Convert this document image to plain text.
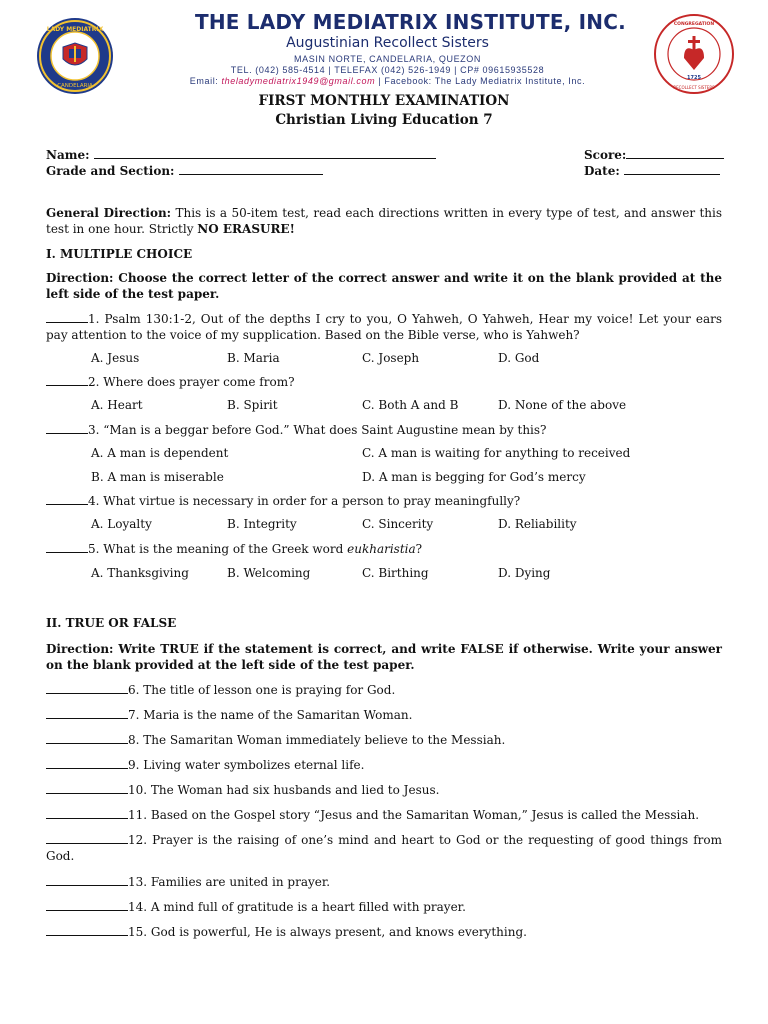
LADY MEDIATRIX
CANDELARIA
1725
CONGREGATION
RECOLLECT SISTERS
THE LADY MEDIATRIX INSTITUTE, INC.
Augustinian Recollect Sisters
MASIN NORTE, CANDELARIA, QUEZON
TEL. (042) 585-4514 | TELEFAX (042) 526-1949 | CP# 09615935528
Email: theladymediatrix1949@gmail.com | Facebook: The Lady Mediatrix Institute, Inc.
FIRST MONTHLY EXAMINATION
Christian Living Education 7
Name:	Score:
Grade and Section:	Date:
General Direction: This is a 50-item test, read each directions written in every type of test, and answer this test in one hour. Strictly NO ERASURE!
I. MULTIPLE CHOICE
Direction: Choose the correct letter of the correct answer and write it on the blank provided at the left side of the test paper.
1. Psalm 130:1-2, Out of the depths I cry to you, O Yahweh, O Yahweh, Hear my voice! Let your ears pay attention to the voice of my supplication. Based on the Bible verse, who is Yahweh?
A. Jesus	B. Maria	C. Joseph	D. God
2. Where does prayer come from?
A. Heart	B. Spirit	C. Both A and B	D. None of the above
3. “Man is a beggar before God.” What does Saint Augustine mean by this?
A. A man is dependent	C. A man is waiting for anything to received
B. A man is miserable	D. A man is begging for God’s mercy
4. What virtue is necessary in order for a person to pray meaningfully?
A. Loyalty	B. Integrity	C. Sincerity	D. Reliability
5. What is the meaning of the Greek word eukharistia?
A. Thanksgiving	B. Welcoming	C. Birthing	D. Dying
II. TRUE OR FALSE
Direction: Write TRUE if the statement is correct, and write FALSE if otherwise. Write your answer on the blank provided at the left side of the test paper.
6. The title of lesson one is praying for God.
7. Maria is the name of the Samaritan Woman.
8. The Samaritan Woman immediately believe to the Messiah.
9. Living water symbolizes eternal life.
10. The Woman had six husbands and lied to Jesus.
11. Based on the Gospel story “Jesus and the Samaritan Woman,” Jesus is called the Messiah.
12. Prayer is the raising of one’s mind and heart to God or the requesting of good things from God.
13. Families are united in prayer.
14. A mind full of gratitude is a heart filled with prayer.
15. God is powerful, He is always present, and knows everything.
